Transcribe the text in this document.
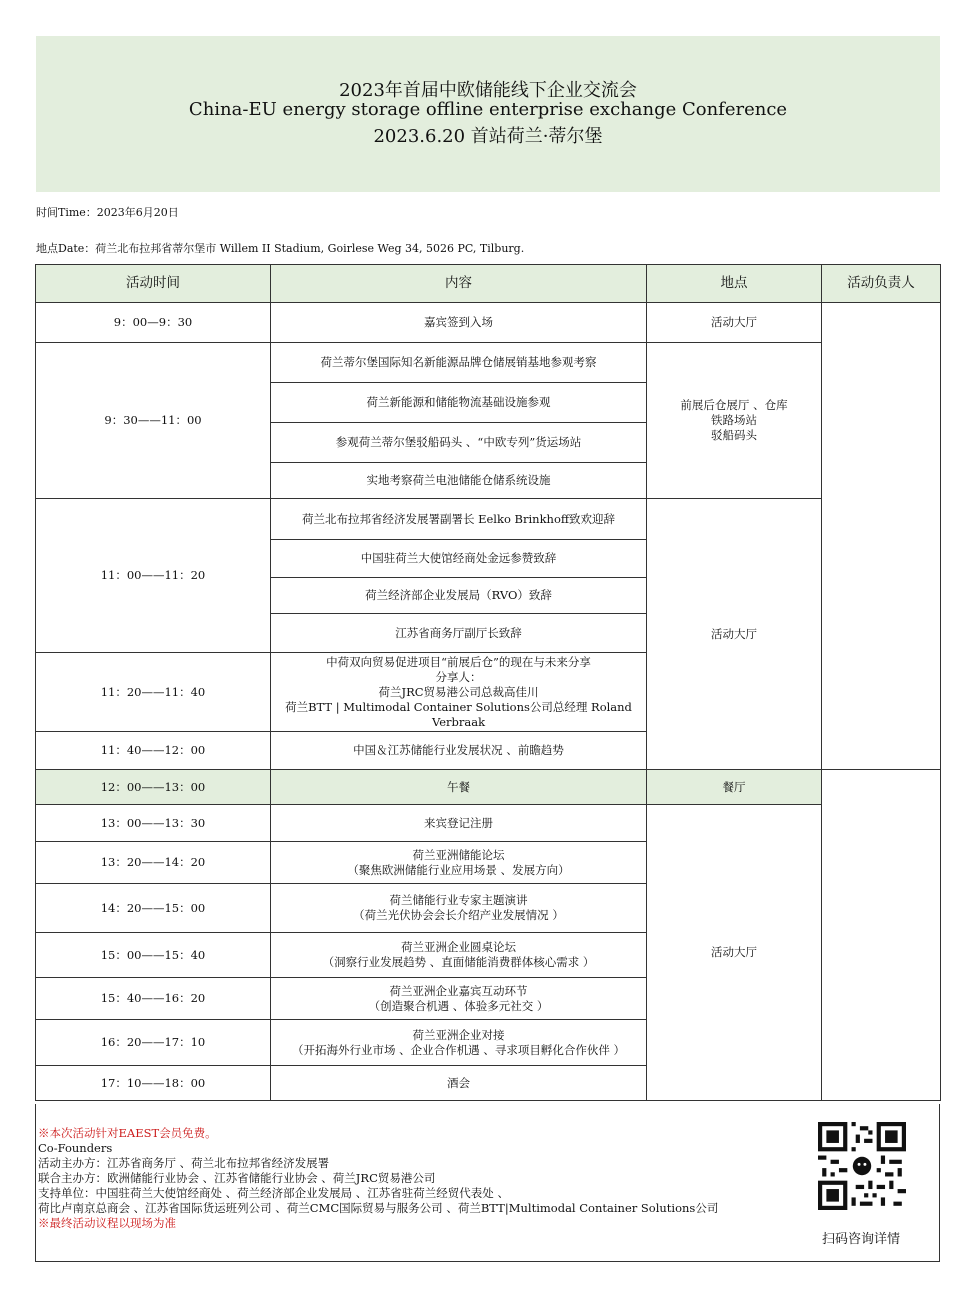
2023年首届中欧储能线下企业交流会
China-EU energy storage offline enterprise exchange Conference
2023.6.20 首站荷兰·蒂尔堡
时间Time：2023年6月20日
地点Date：荷兰北布拉邦省蒂尔堡市 Willem II Stadium, Goirlese Weg 34, 5026 PC, Tilburg.
活动时间	内容	地点	活动负责人
9：00—9：30	嘉宾签到入场	活动大厅	
9：30——11：00	荷兰蒂尔堡国际知名新能源品牌仓储展销基地参观考察	前展后仓展厅 、仓库
铁路场站
驳船码头	
	荷兰新能源和储能物流基础设施参观		
	参观荷兰蒂尔堡驳船码头 、“中欧专列”货运场站		
	实地考察荷兰电池储能仓储系统设施		
11：00——11：20	荷兰北布拉邦省经济发展署副署长 Eelko Brinkhoff致欢迎辞	活动大厅	
	中国驻荷兰大使馆经商处金远参赞致辞		
	荷兰经济部企业发展局（RVO）致辞		
	江苏省商务厅副厅长致辞		
11：20——11：40	中荷双向贸易促进项目“前展后仓”的现在与未来分享
分享人：
荷兰JRC贸易港公司总裁高佳川
荷兰BTT | Multimodal Container Solutions公司总经理 Roland Verbraak		
11：40——12：00	中国＆江苏储能行业发展状况 、前瞻趋势		
12：00——13：00	午餐	餐厅	
13：00——13：30	来宾登记注册	活动大厅	
13：20——14：20	荷兰亚洲储能论坛
（聚焦欧洲储能行业应用场景 、发展方向）		
14：20——15：00	荷兰储能行业专家主题演讲
（荷兰光伏协会会长介绍产业发展情况 ）		
15：00——15：40	荷兰亚洲企业圆桌论坛
（洞察行业发展趋势 、直面储能消费群体核心需求 ）		
15：40——16：20	荷兰亚洲企业嘉宾互动环节
（创造聚合机遇 、体验多元社交 ）		
16：20——17：10	荷兰亚洲企业对接
（开拓海外行业市场 、企业合作机遇 、寻求项目孵化合作伙伴 ）		
17：10——18：00	酒会		
※本次活动针对EAEST会员免费。
Co-Founders
活动主办方：江苏省商务厅 、荷兰北布拉邦省经济发展署
联合主办方：欧洲储能行业协会 、江苏省储能行业协会 、荷兰JRC贸易港公司
支持单位：中国驻荷兰大使馆经商处 、荷兰经济部企业发展局 、江苏省驻荷兰经贸代表处 、
荷比卢南京总商会 、江苏省国际货运班列公司 、荷兰CMC国际贸易与服务公司 、荷兰BTT|Multimodal Container Solutions公司
※最终活动议程以现场为准
扫码咨询详情
